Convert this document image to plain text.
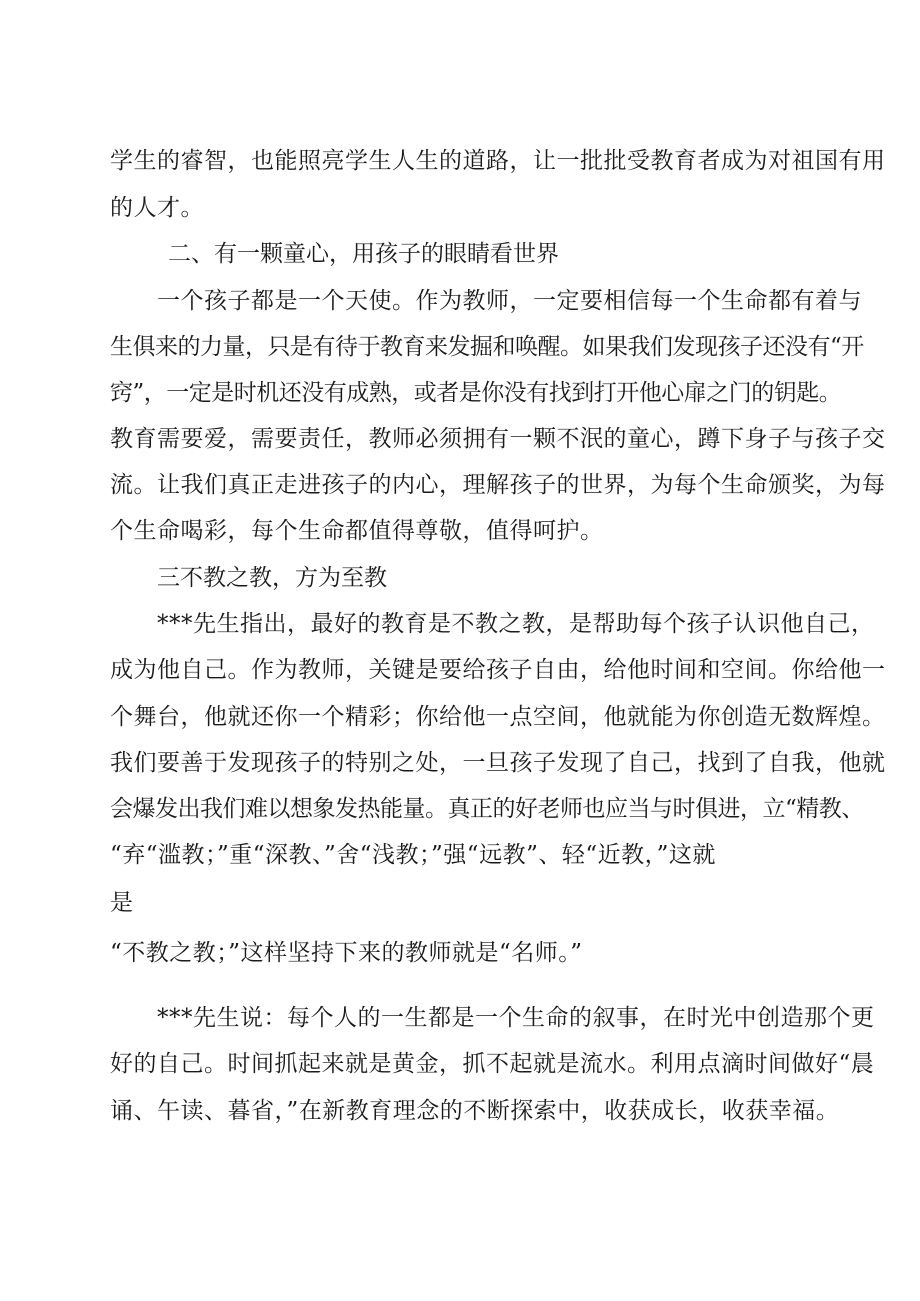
学生的睿智，也能照亮学生人生的道路，让一批批受教育者成为对祖国有用
的人才。
二、有一颗童心，用孩子的眼睛看世界
一个孩子都是一个天使。作为教师，一定要相信每一个生命都有着与
生俱来的力量，只是有待于教育来发掘和唤醒。如果我们发现孩子还没有“开
窍”，一定是时机还没有成熟，或者是你没有找到打开他心扉之门的钥匙。
教育需要爱，需要责任，教师必须拥有一颗不泯的童心，蹲下身子与孩子交
流。让我们真正走进孩子的内心，理解孩子的世界，为每个生命颁奖，为每
个生命喝彩，每个生命都值得尊敬，值得呵护。
三不教之教，方为至教
***先生指出，最好的教育是不教之教，是帮助每个孩子认识他自己，
成为他自己。作为教师，关键是要给孩子自由，给他时间和空间。你给他一
个舞台，他就还你一个精彩；你给他一点空间，他就能为你创造无数辉煌。
我们要善于发现孩子的特别之处，一旦孩子发现了自己，找到了自我，他就
会爆发出我们难以想象发热能量。真正的好老师也应当与时俱进，立“精教、
“弃“滥教；”重“深教、”舍“浅教；”强“远教”、轻“近教，”这就
是
“不教之教；”这样坚持下来的教师就是“名师。”
***先生说：每个人的一生都是一个生命的叙事，在时光中创造那个更
好的自己。时间抓起来就是黄金，抓不起就是流水。利用点滴时间做好“晨
诵、午读、暮省，”在新教育理念的不断探索中，收获成长，收获幸福。
